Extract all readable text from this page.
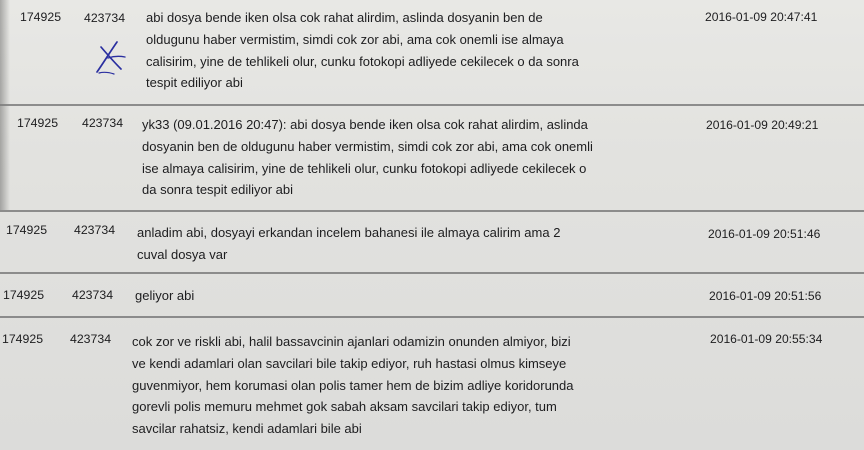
174925	423734	abi dosya bende iken olsa cok rahat alirdim, aslinda dosyanin ben de
oldugunu haber vermistim, simdi cok zor abi, ama cok onemli ise almaya
calisirim, yine de tehlikeli olur, cunku fotokopi adliyede cekilecek o da sonra
tespit ediliyor abi
2016-01-09 20:47:41
174925	423734	yk33 (09.01.2016 20:47): abi dosya bende iken olsa cok rahat alirdim, aslinda
dosyanin ben de oldugunu haber vermistim, simdi cok zor abi, ama cok onemli
ise almaya calisirim, yine de tehlikeli olur, cunku fotokopi adliyede cekilecek o
da sonra tespit ediliyor abi
2016-01-09 20:49:21
174925	423734	anladim abi, dosyayi erkandan incelem bahanesi ile almaya calirim ama 2
cuval dosya var
2016-01-09 20:51:46
174925	423734	geliyor abi	2016-01-09 20:51:56
174925	423734	cok zor ve riskli abi, halil bassavcinin ajanlari odamizin onunden almiyor, bizi
ve kendi adamlari olan savcilari bile takip ediyor, ruh hastasi olmus kimseye
guvenmiyor, hem korumasi olan polis tamer hem de bizim adliye koridorunda
gorevli polis memuru mehmet gok sabah aksam savcilari takip ediyor, tum
savcilar rahatsiz, kendi adamlari bile abi
2016-01-09 20:55:34
